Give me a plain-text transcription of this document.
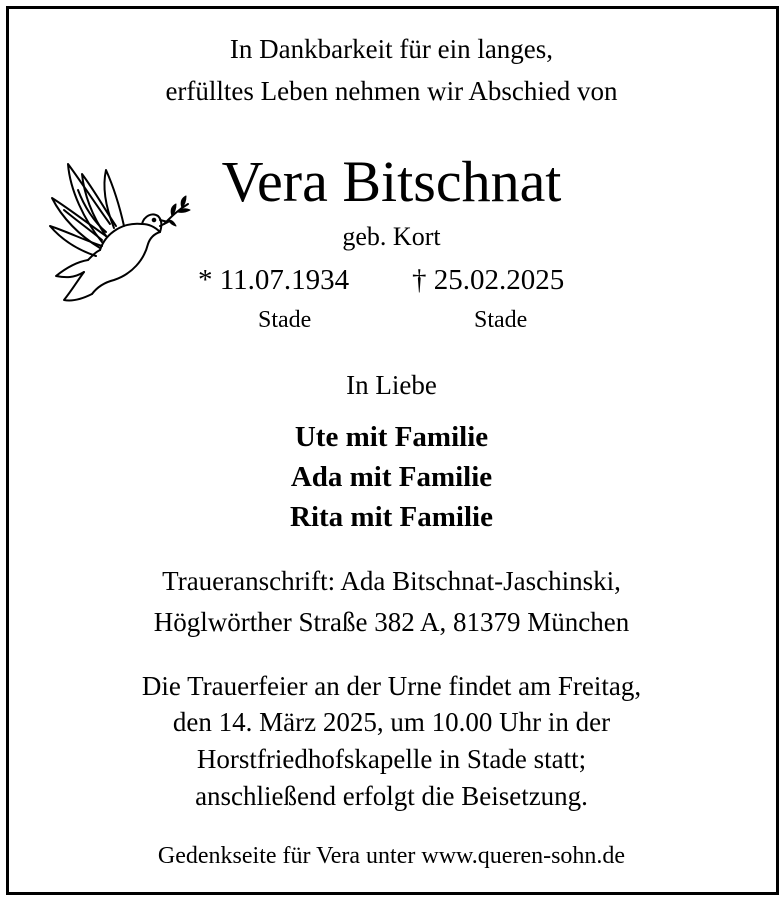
In Dankbarkeit für ein langes,
erfülltes Leben nehmen wir Abschied von
Vera Bitschnat
geb. Kort
* 11.07.1934 † 25.02.2025
Stade	Stade
In Liebe
Ute mit Familie
Ada mit Familie
Rita mit Familie
Traueranschrift: Ada Bitschnat-Jaschinski,
Höglwörther Straße 382 A, 81379 München
Die Trauerfeier an der Urne findet am Freitag,
den 14. März 2025, um 10.00 Uhr in der
Horstfriedhofskapelle in Stade statt;
anschließend erfolgt die Beisetzung.
Gedenkseite für Vera unter www.queren-sohn.de
